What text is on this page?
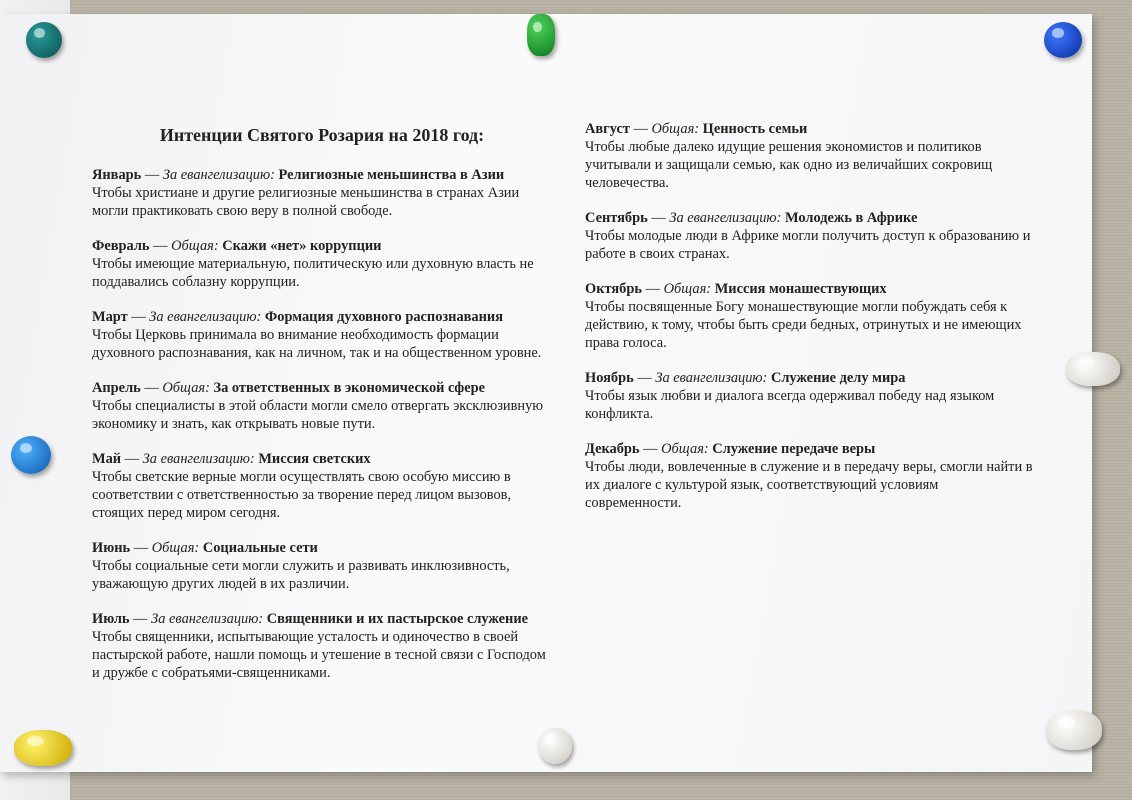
Интенции Святого Розария на 2018 год:
Январь — За евангелизацию: Религиозные меньшинства в Азии
Чтобы христиане и другие религиозные меньшинства в странах Азии могли практиковать свою веру в полной свободе.
Февраль — Общая: Скажи «нет» коррупции
Чтобы имеющие материальную, политическую или духовную власть не поддавались соблазну коррупции.
Март — За евангелизацию: Формация духовного распознавания
Чтобы Церковь принимала во внимание необходимость формации духовного распознавания, как на личном, так и на общественном уровне.
Апрель — Общая: За ответственных в экономической сфере
Чтобы специалисты в этой области могли смело отвергать эксклюзивную экономику и знать, как открывать новые пути.
Май — За евангелизацию: Миссия светских
Чтобы светские верные могли осуществлять свою особую миссию в соответствии с ответственностью за творение перед лицом вызовов, стоящих перед миром сегодня.
Июнь — Общая: Социальные сети
Чтобы социальные сети могли служить и развивать инклюзивность, уважающую других людей в их различии.
Июль — За евангелизацию: Священники и их пастырское служение
Чтобы священники, испытывающие усталость и одиночество в своей пастырской работе, нашли помощь и утешение в тесной связи с Господом и дружбе с собратьями-священниками.
Август — Общая: Ценность семьи
Чтобы любые далеко идущие решения экономистов и политиков учитывали и защищали семью, как одно из величайших сокровищ человечества.
Сентябрь — За евангелизацию: Молодежь в Африке
Чтобы молодые люди в Африке могли получить доступ к образованию и работе в своих странах.
Октябрь — Общая: Миссия монашествующих
Чтобы посвященные Богу монашествующие могли побуждать себя к действию, к тому, чтобы быть среди бедных, отринутых и не имеющих права голоса.
Ноябрь — За евангелизацию: Служение делу мира
Чтобы язык любви и диалога всегда одерживал победу над языком конфликта.
Декабрь — Общая: Служение передаче веры
Чтобы люди, вовлеченные в служение и в передачу веры, смогли найти в их диалоге с культурой язык, соответствующий условиям современности.
